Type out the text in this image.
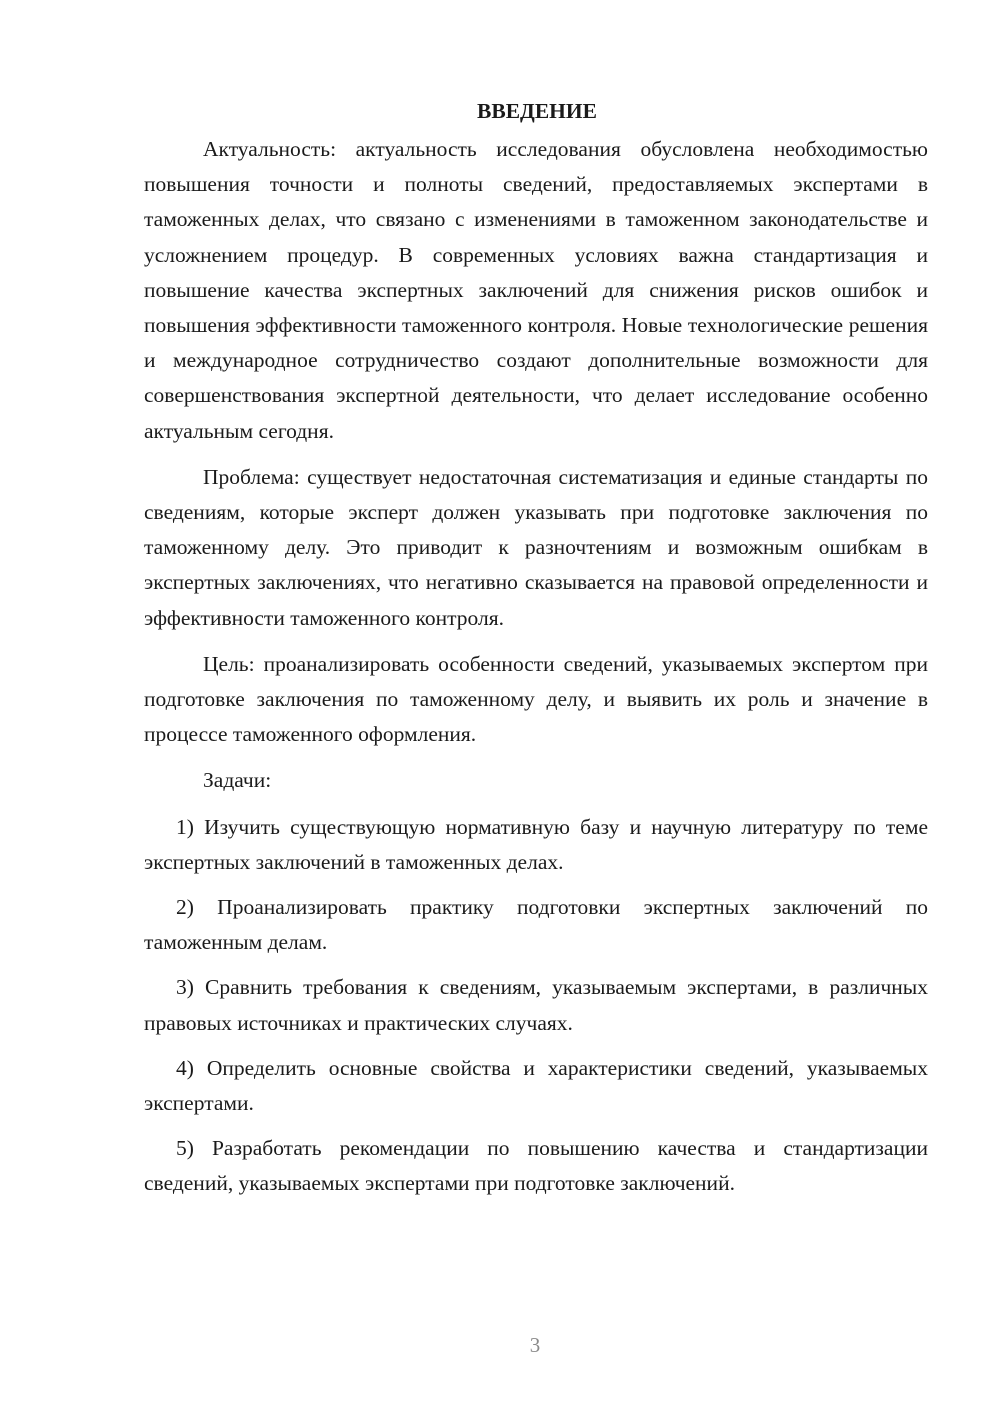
ВВЕДЕНИЕ

Актуальность: актуальность исследования обусловлена необходимостью повышения точности и полноты сведений, предоставляемых экспертами в таможенных делах, что связано с изменениями в таможенном законодательстве и усложнением процедур. В современных условиях важна стандартизация и повышение качества экспертных заключений для снижения рисков ошибок и повышения эффективности таможенного контроля. Новые технологические решения и международное сотрудничество создают дополнительные возможности для совершенствования экспертной деятельности, что делает исследование особенно актуальным сегодня.

Проблема: существует недостаточная систематизация и единые стандарты по сведениям, которые эксперт должен указывать при подготовке заключения по таможенному делу. Это приводит к разночтениям и возможным ошибкам в экспертных заключениях, что негативно сказывается на правовой определенности и эффективности таможенного контроля.

Цель: проанализировать особенности сведений, указываемых экспертом при подготовке заключения по таможенному делу, и выявить их роль и значение в процессе таможенного оформления.

Задачи:

1) Изучить существующую нормативную базу и научную литературу по теме экспертных заключений в таможенных делах.

2) Проанализировать практику подготовки экспертных заключений по таможенным делам.

3) Сравнить требования к сведениям, указываемым экспертами, в различных правовых источниках и практических случаях.

4) Определить основные свойства и характеристики сведений, указываемых экспертами.

5) Разработать рекомендации по повышению качества и стандартизации сведений, указываемых экспертами при подготовке заключений.

3
